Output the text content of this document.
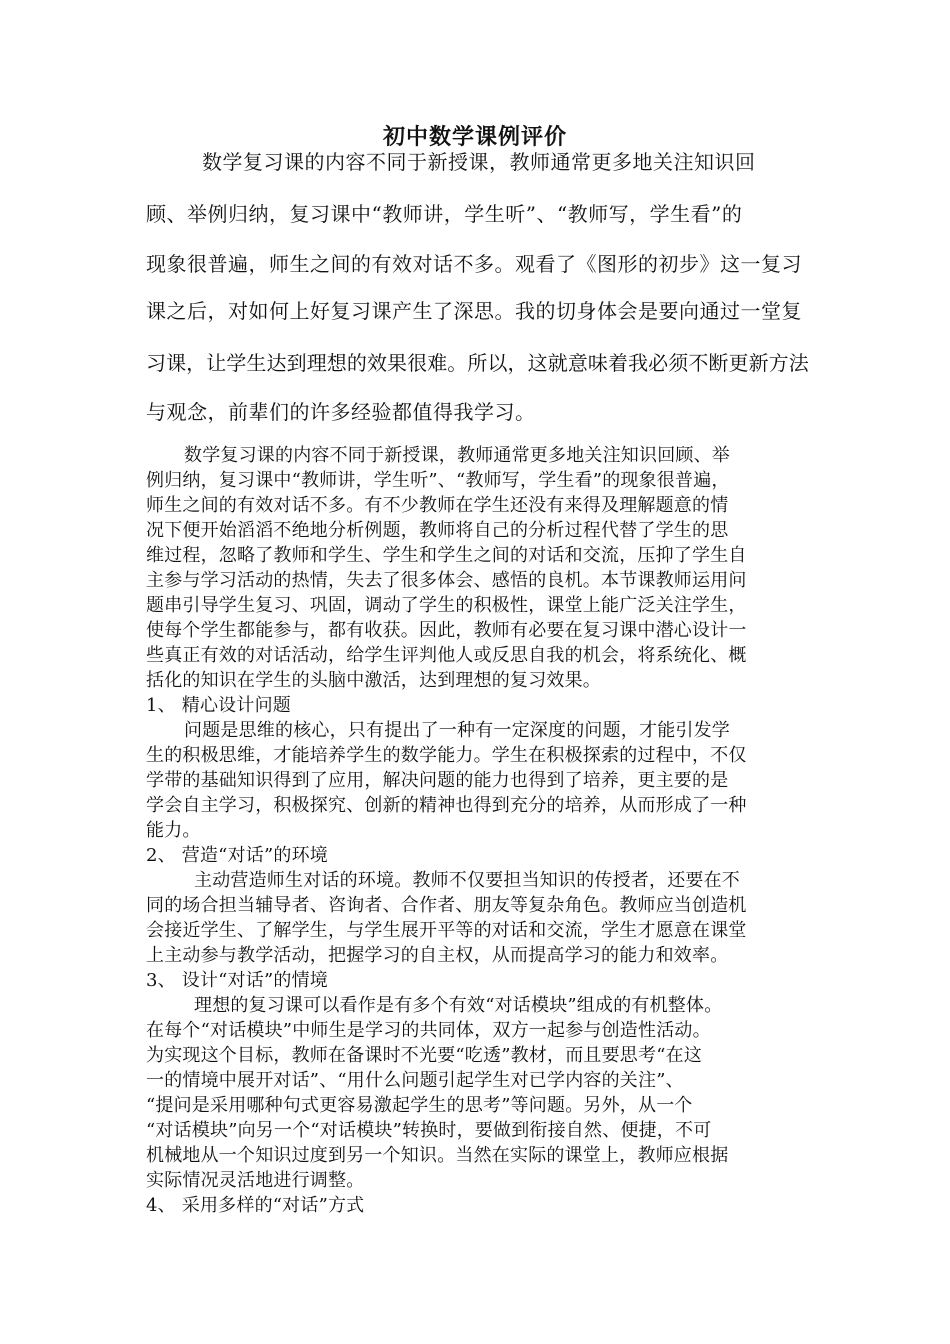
初中数学课例评价
数学复习课的内容不同于新授课，教师通常更多地关注知识回
顾、举例归纳，复习课中“教师讲，学生听”、“教师写，学生看”的
现象很普遍，师生之间的有效对话不多。观看了《图形的初步》这一复习
课之后，对如何上好复习课产生了深思。我的切身体会是要向通过一堂复
习课，让学生达到理想的效果很难。所以，这就意味着我必须不断更新方法
与观念，前辈们的许多经验都值得我学习。
数学复习课的内容不同于新授课，教师通常更多地关注知识回顾、举
例归纳，复习课中“教师讲，学生听”、“教师写，学生看”的现象很普遍，
师生之间的有效对话不多。有不少教师在学生还没有来得及理解题意的情
况下便开始滔滔不绝地分析例题，教师将自己的分析过程代替了学生的思
维过程，忽略了教师和学生、学生和学生之间的对话和交流，压抑了学生自
主参与学习活动的热情，失去了很多体会、感悟的良机。本节课教师运用问
题串引导学生复习、巩固，调动了学生的积极性，课堂上能广泛关注学生，
使每个学生都能参与，都有收获。因此，教师有必要在复习课中潜心设计一
些真正有效的对话活动，给学生评判他人或反思自我的机会，将系统化、概
括化的知识在学生的头脑中激活，达到理想的复习效果。
1、 精心设计问题
问题是思维的核心，只有提出了一种有一定深度的问题，才能引发学
生的积极思维，才能培养学生的数学能力。学生在积极探索的过程中，不仅
学带的基础知识得到了应用，解决问题的能力也得到了培养，更主要的是
学会自主学习，积极探究、创新的精神也得到充分的培养，从而形成了一种
能力。
2、 营造“对话”的环境
主动营造师生对话的环境。教师不仅要担当知识的传授者，还要在不
同的场合担当辅导者、咨询者、合作者、朋友等复杂角色。教师应当创造机
会接近学生、了解学生，与学生展开平等的对话和交流，学生才愿意在课堂
上主动参与教学活动，把握学习的自主权，从而提高学习的能力和效率。
3、 设计“对话”的情境
理想的复习课可以看作是有多个有效“对话模块”组成的有机整体。
在每个“对话模块”中师生是学习的共同体，双方一起参与创造性活动。
为实现这个目标，教师在备课时不光要“吃透”教材，而且要思考“在这
一的情境中展开对话”、“用什么问题引起学生对已学内容的关注”、
“提问是采用哪种句式更容易激起学生的思考”等问题。另外，从一个
“对话模块”向另一个“对话模块”转换时，要做到衔接自然、便捷，不可
机械地从一个知识过度到另一个知识。当然在实际的课堂上，教师应根据
实际情况灵活地进行调整。
4、 采用多样的“对话”方式
